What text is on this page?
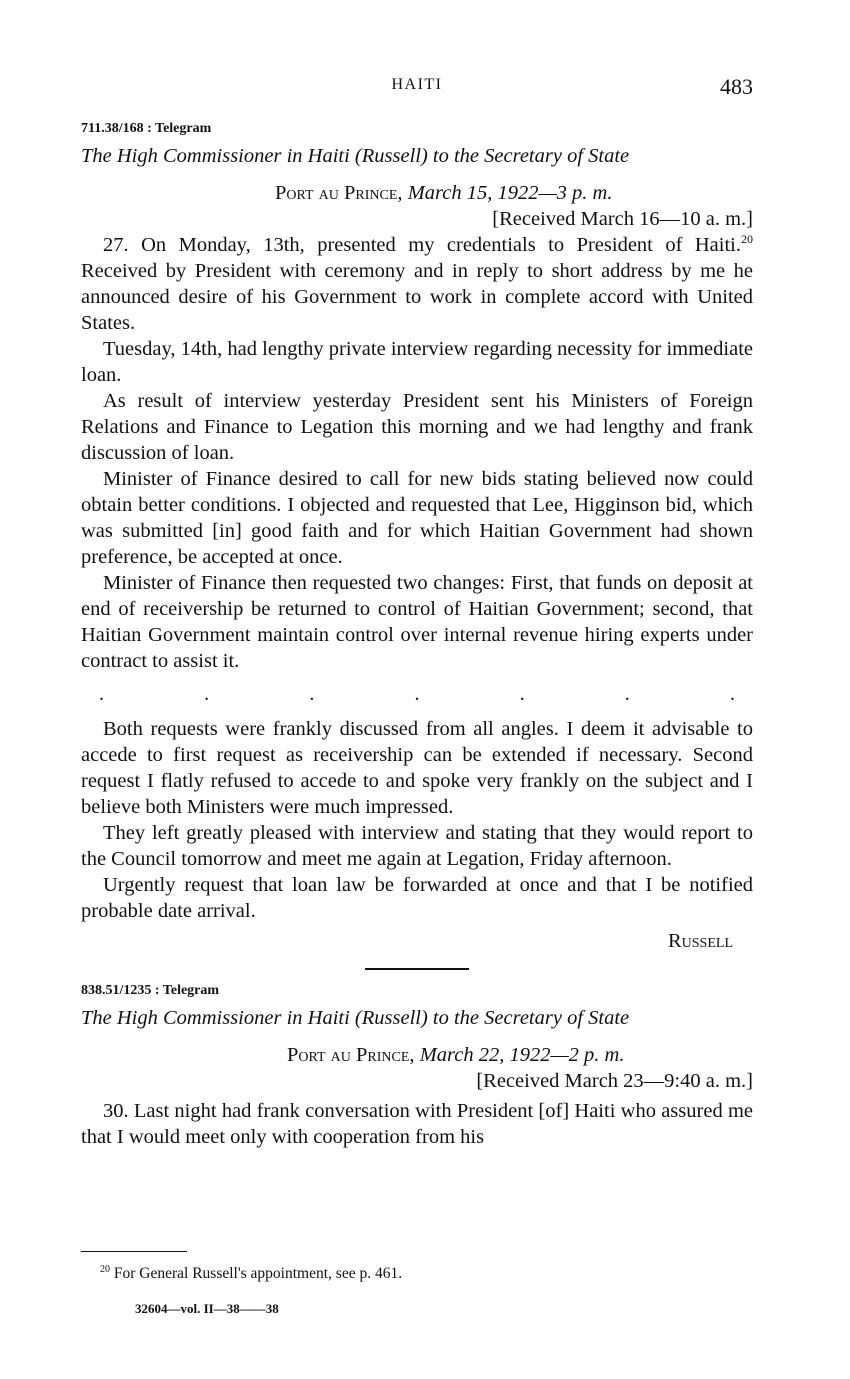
HAITI	483
711.38/168 : Telegram
The High Commissioner in Haiti (Russell) to the Secretary of State
Port au Prince, March 15, 1922—3 p. m.
[Received March 16—10 a. m.]

27. On Monday, 13th, presented my credentials to President of Haiti.$^{20}$ Received by President with ceremony and in reply to short address by me he announced desire of his Government to work in complete accord with United States.

Tuesday, 14th, had lengthy private interview regarding necessity for immediate loan.

As result of interview yesterday President sent his Ministers of Foreign Relations and Finance to Legation this morning and we had lengthy and frank discussion of loan.

Minister of Finance desired to call for new bids stating believed now could obtain better conditions. I objected and requested that Lee, Higginson bid, which was submitted [in] good faith and for which Haitian Government had shown preference, be accepted at once.

Minister of Finance then requested two changes: First, that funds on deposit at end of receivership be returned to control of Haitian Government; second, that Haitian Government maintain control over internal revenue hiring experts under contract to assist it.

.	.	.	.	.	.	.

Both requests were frankly discussed from all angles. I deem it advisable to accede to first request as receivership can be extended if necessary. Second request I flatly refused to accede to and spoke very frankly on the subject and I believe both Ministers were much impressed.

They left greatly pleased with interview and stating that they would report to the Council tomorrow and meet me again at Legation, Friday afternoon.

Urgently request that loan law be forwarded at once and that I be notified probable date arrival.

Russell
838.51/1235 : Telegram
The High Commissioner in Haiti (Russell) to the Secretary of State
Port au Prince, March 22, 1922—2 p. m.
[Received March 23—9:40 a. m.]

30. Last night had frank conversation with President [of] Haiti who assured me that I would meet only with cooperation from his

$^{20}$ For General Russell's appointment, see p. 461.
32604—vol. II—38——38
